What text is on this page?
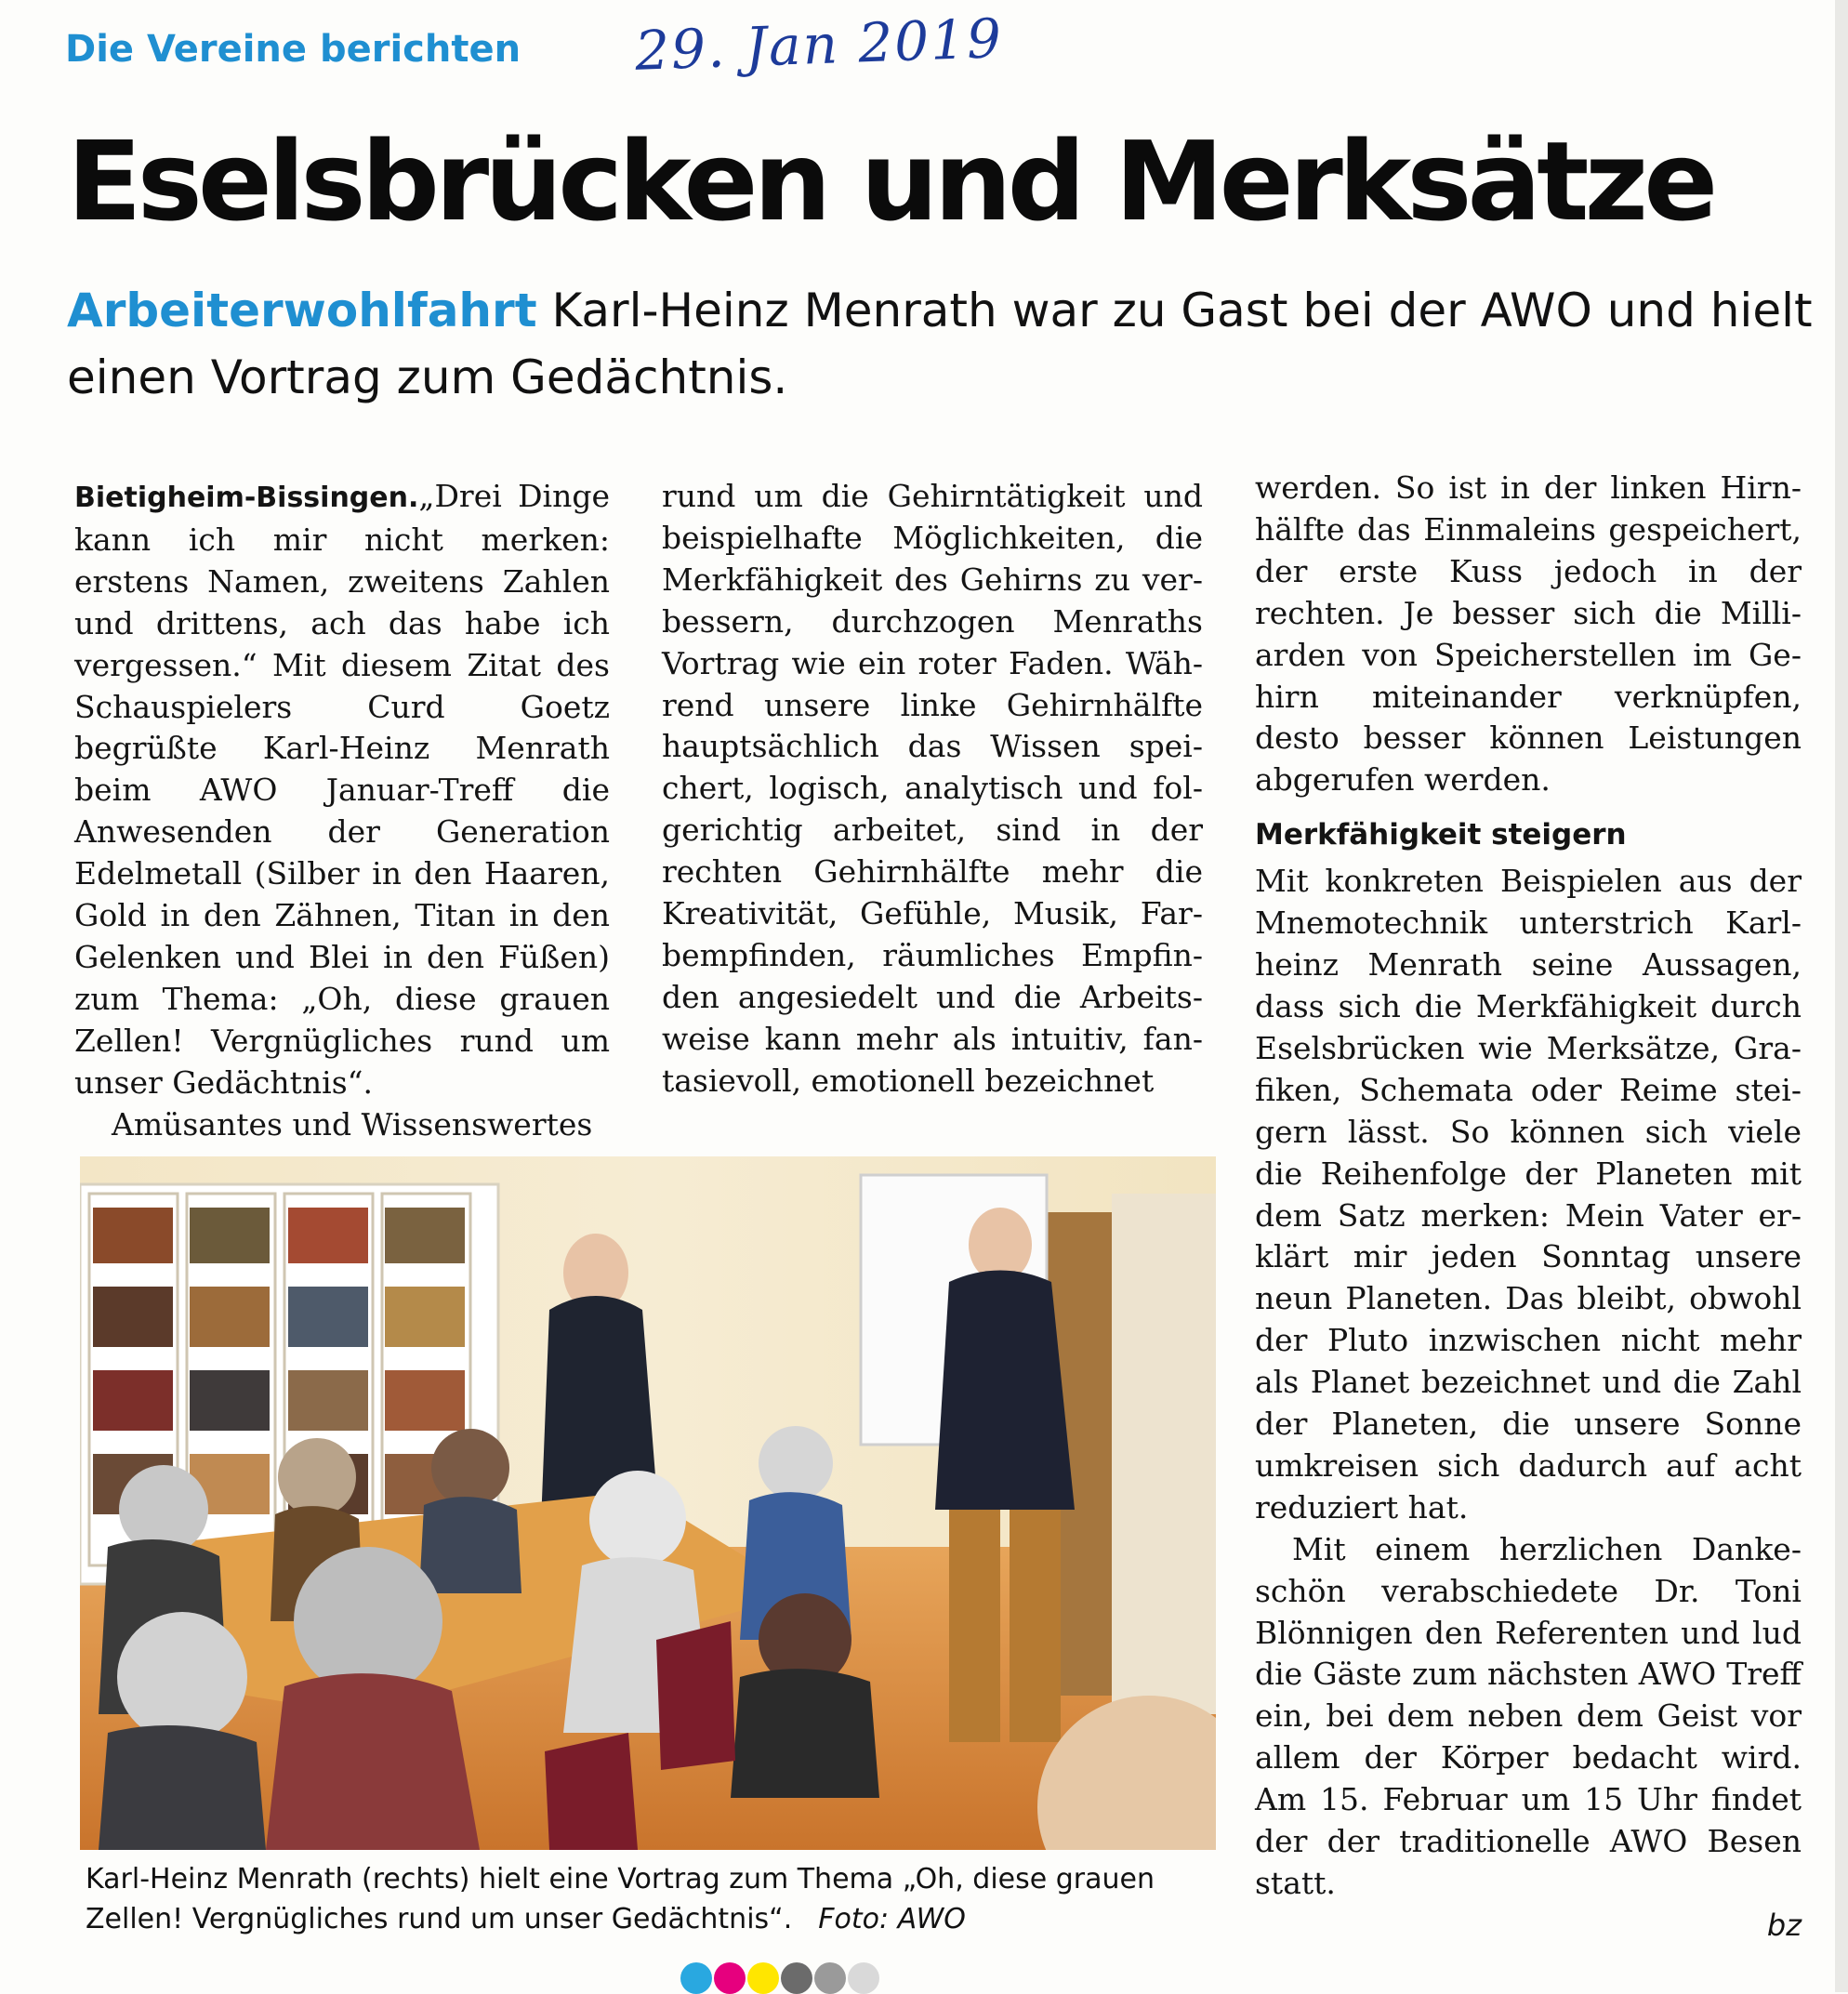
29. Jan 2019
Die Vereine berichten
Eselsbrücken und Merksätze
Arbeiterwohlfahrt Karl-Heinz Menrath war zu Gast bei der AWO und hielt einen Vortrag zum Gedächtnis.

Bietigheim-Bissingen.„Drei Dinge kann ich mir nicht merken: erstens Namen, zweitens Zahlen und drittens, ach das habe ich vergessen.“ Mit diesem Zitat des Schauspielers Curd Goetz begrüßte Karl-Heinz Menrath beim AWO Januar-Treff die Anwesenden der Generation Edelmetall (Silber in den Haaren, Gold in den Zähnen, Titan in den Gelenken und Blei in den Füßen) zum Thema: „Oh, diese grauen Zellen! Vergnügliches rund um unser Gedächtnis“.

Amüsantes und Wissenswertes

rund um die Gehirntätigkeit und beispielhafte Möglichkeiten, die Merkfähigkeit des Gehirns zu verbessern, durchzogen Menraths Vortrag wie ein roter Faden. Während unsere linke Gehirnhälfte hauptsächlich das Wissen speichert, logisch, analytisch und folgerichtig arbeitet, sind in der rechten Gehirnhälfte mehr die Kreativität, Gefühle, Musik, Farbempfinden, räumliches Empfinden angesiedelt und die Arbeitsweise kann mehr als intuitiv, fantasievoll, emotionell bezeichnet

werden. So ist in der linken Hirnhälfte das Einmaleins gespeichert, der erste Kuss jedoch in der rechten. Je besser sich die Milliarden von Speicherstellen im Gehirn miteinander verknüpfen, desto besser können Leistungen abgerufen werden.

Merkfähigkeit steigern

Mit konkreten Beispielen aus der Mnemotechnik unterstrich Karlheinz Menrath seine Aussagen, dass sich die Merkfähigkeit durch Eselsbrücken wie Merksätze, Grafiken, Schemata oder Reime steigern lässt. So können sich viele die Reihenfolge der Planeten mit dem Satz merken: Mein Vater erklärt mir jeden Sonntag unsere neun Planeten. Das bleibt, obwohl der Pluto inzwischen nicht mehr als Planet bezeichnet und die Zahl der Planeten, die unsere Sonne umkreisen sich dadurch auf acht reduziert hat.

Mit einem herzlichen Dankeschön verabschiedete Dr. Toni Blönnigen den Referenten und lud die Gäste zum nächsten AWO Treff ein, bei dem neben dem Geist vor allem der Körper bedacht wird. Am 15. Februar um 15 Uhr findet der der traditionelle AWO Besen statt.

bz
Karl-Heinz Menrath (rechts) hielt eine Vortrag zum Thema „Oh, diese grauen Zellen! Vergnügliches rund um unser Gedächtnis“. Foto: AWO
